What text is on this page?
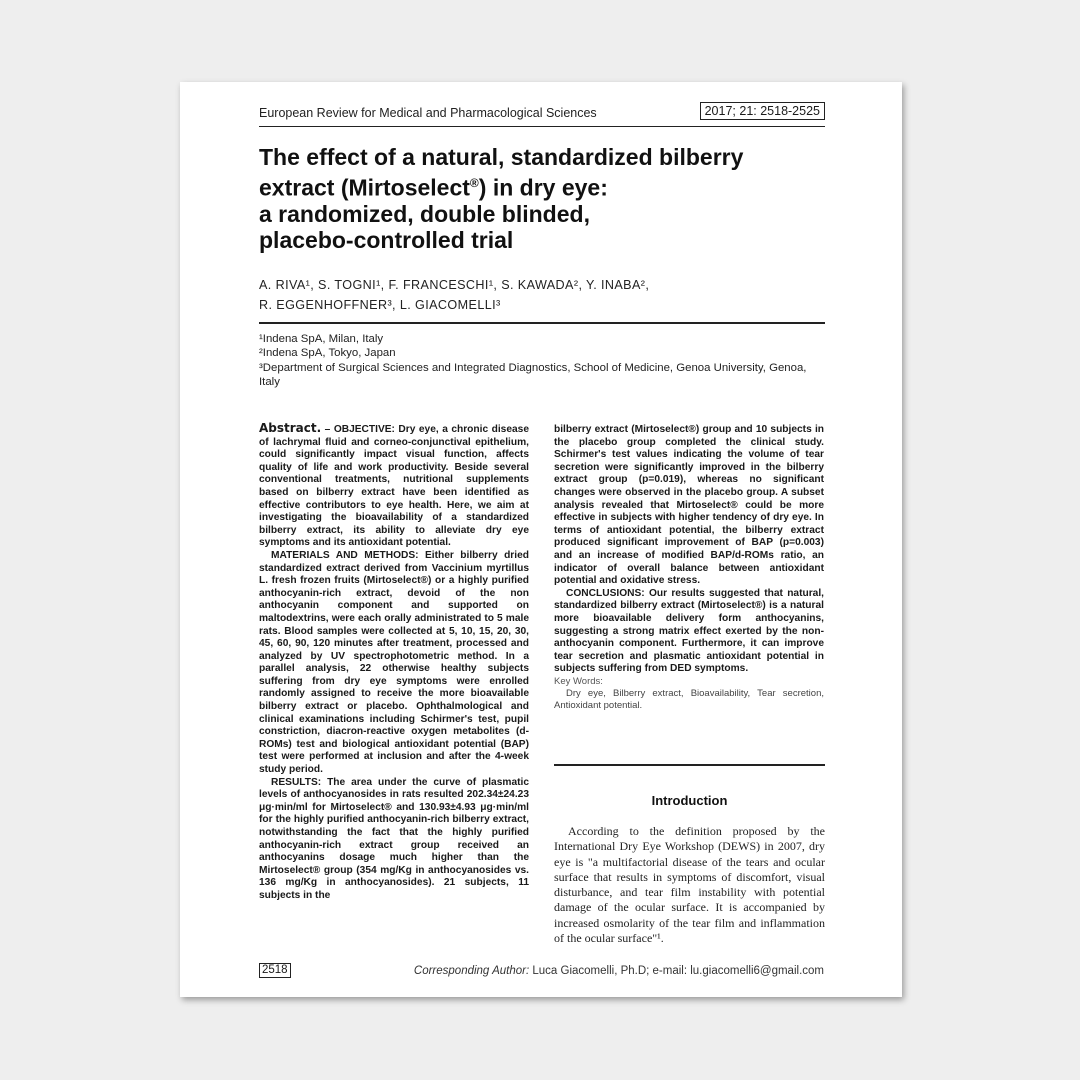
European Review for Medical and Pharmacological Sciences	2017; 21: 2518-2525
The effect of a natural, standardized bilberry
extract (Mirtoselect®) in dry eye:
a randomized, double blinded,
placebo-controlled trial
A. RIVA¹, S. TOGNI¹, F. FRANCESCHI¹, S. KAWADA², Y. INABA²,
R. EGGENHOFFNER³, L. GIACOMELLI³
¹Indena SpA, Milan, Italy
²Indena SpA, Tokyo, Japan
³Department of Surgical Sciences and Integrated Diagnostics, School of Medicine, Genoa University, Genoa, Italy

Abstract. – OBJECTIVE: Dry eye, a chronic disease of lachrymal fluid and corneo-conjunctival epithelium, could significantly impact visual function, affects quality of life and work productivity. Beside several conventional treatments, nutritional supplements based on bilberry extract have been identified as effective contributors to eye health. Here, we aim at investigating the bioavailability of a standardized bilberry extract, its ability to alleviate dry eye symptoms and its antioxidant potential.

MATERIALS AND METHODS: Either bilberry dried standardized extract derived from Vaccinium myrtillus L. fresh frozen fruits (Mirtoselect®) or a highly purified anthocyanin-rich extract, devoid of the non anthocyanin component and supported on maltodextrins, were each orally administrated to 5 male rats. Blood samples were collected at 5, 10, 15, 20, 30, 45, 60, 90, 120 minutes after treatment, processed and analyzed by UV spectrophotometric method. In a parallel analysis, 22 otherwise healthy subjects suffering from dry eye symptoms were enrolled randomly assigned to receive the more bioavailable bilberry extract or placebo. Ophthalmological and clinical examinations including Schirmer's test, pupil constriction, diacron-reactive oxygen metabolites (d-ROMs) test and biological antioxidant potential (BAP) test were performed at inclusion and after the 4-week study period.

RESULTS: The area under the curve of plasmatic levels of anthocyanosides in rats resulted 202.34±24.23 μg·min/ml for Mirtoselect® and 130.93±4.93 μg·min/ml for the highly purified anthocyanin-rich bilberry extract, notwithstanding the fact that the highly purified anthocyanin-rich extract group received an anthocyanins dosage much higher than the Mirtoselect® group (354 mg/Kg in anthocyanosides vs. 136 mg/Kg in anthocyanosides). 21 subjects, 11 subjects in the

bilberry extract (Mirtoselect®) group and 10 subjects in the placebo group completed the clinical study. Schirmer's test values indicating the volume of tear secretion were significantly improved in the bilberry extract group (p=0.019), whereas no significant changes were observed in the placebo group. A subset analysis revealed that Mirtoselect® could be more effective in subjects with higher tendency of dry eye. In terms of antioxidant potential, the bilberry extract produced significant improvement of BAP (p=0.003) and an increase of modified BAP/d-ROMs ratio, an indicator of overall balance between antioxidant potential and oxidative stress.

CONCLUSIONS: Our results suggested that natural, standardized bilberry extract (Mirtoselect®) is a natural more bioavailable delivery form anthocyanins, suggesting a strong matrix effect exerted by the non-anthocyanin component. Furthermore, it can improve tear secretion and plasmatic antioxidant potential in subjects suffering from DED symptoms.

Key Words:

Dry eye, Bilberry extract, Bioavailability, Tear secretion, Antioxidant potential.

Introduction

According to the definition proposed by the International Dry Eye Workshop (DEWS) in 2007, dry eye is "a multifactorial disease of the tears and ocular surface that results in symptoms of discomfort, visual disturbance, and tear film instability with potential damage of the ocular surface. It is accompanied by increased osmolarity of the tear film and inflammation of the ocular surface"¹.

2518	Corresponding Author: Luca Giacomelli, Ph.D; e-mail: lu.giacomelli6@gmail.com
